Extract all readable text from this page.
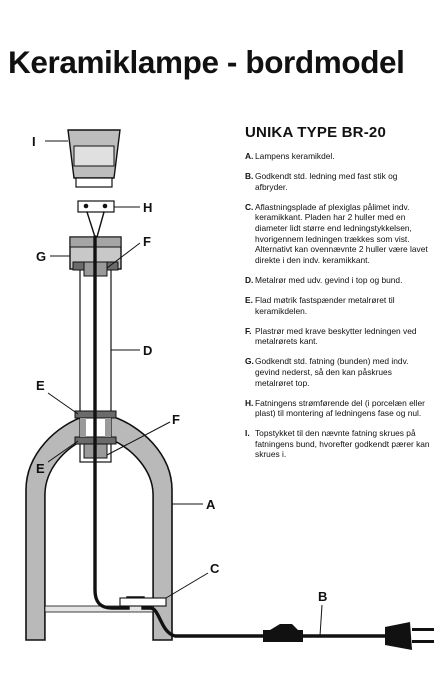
Keramiklampe - bordmodel
I
H
G
F
D
E
E
F
A
C
B
UNIKA TYPE BR-20
A. Lampens keramikdel.
B. Godkendt std. ledning med fast stik og afbryder.
C. Aflastningsplade af plexiglas pålimet indv. keramikkant. Pladen har 2 huller med en diameter lidt større end ledningstykkelsen, hvorigennem ledningen trækkes som vist. Alternativt kan ovennævnte 2 huller være lavet direkte i den indv. keramikkant.
D. Metalrør med udv. gevind i top og bund.
E. Flad møtrik fastspænder metalrøret til keramikdelen.
F. Plastrør med krave beskytter ledningen ved metalrørets kant.
G. Godkendt std. fatning (bunden) med indv. gevind nederst, så den kan påskrues metalrøret top.
H. Fatningens strømførende del (i porcelæn eller plast) til montering af ledningens fase og nul.
I. Topstykket til den nævnte fatning skrues på fatningens bund, hvorefter godkendt pærer kan skrues i.
